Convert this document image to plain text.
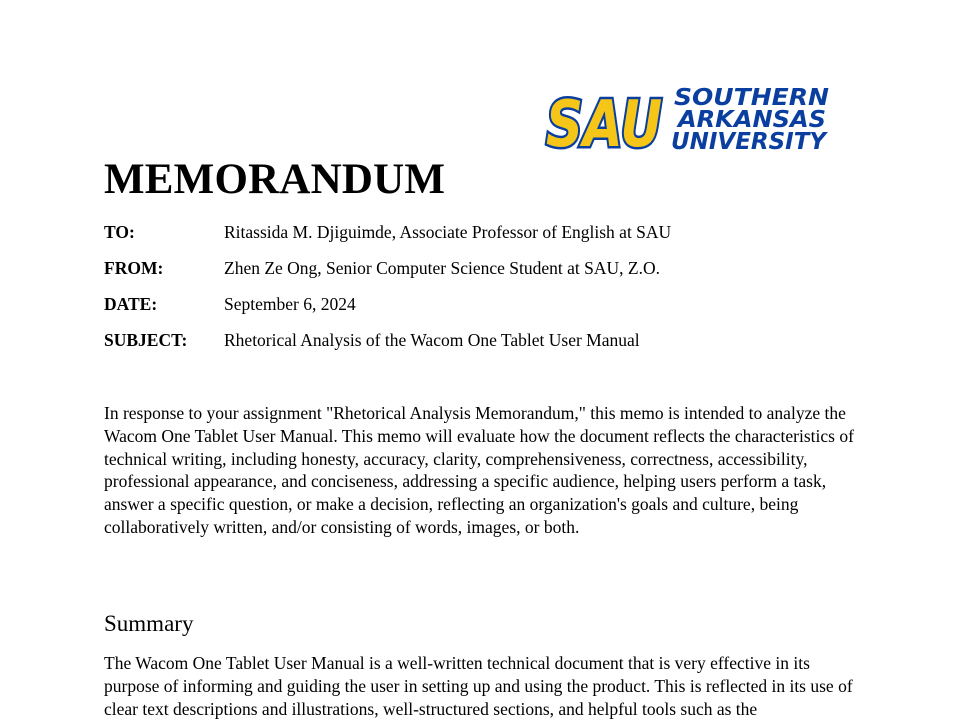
SAU SOUTHERN
ARKANSAS
UNIVERSITY
MEMORANDUM
TO:	Ritassida M. Djiguimde, Associate Professor of English at SAU
FROM:	Zhen Ze Ong, Senior Computer Science Student at SAU, Z.O.
DATE:	September 6, 2024
SUBJECT: Rhetorical Analysis of the Wacom One Tablet User Manual

In response to your assignment "Rhetorical Analysis Memorandum," this memo is intended to analyze the Wacom One Tablet User Manual. This memo will evaluate how the document reflects the characteristics of technical writing, including honesty, accuracy, clarity, comprehensiveness, correctness, accessibility, professional appearance, and conciseness, addressing a specific audience, helping users perform a task, answer a specific question, or make a decision, reflecting an organization's goals and culture, being collaboratively written, and/or consisting of words, images, or both.

Summary

The Wacom One Tablet User Manual is a well-written technical document that is very effective in its purpose of informing and guiding the user in setting up and using the product. This is reflected in its use of clear text descriptions and illustrations, well-structured sections, and helpful tools such as the
